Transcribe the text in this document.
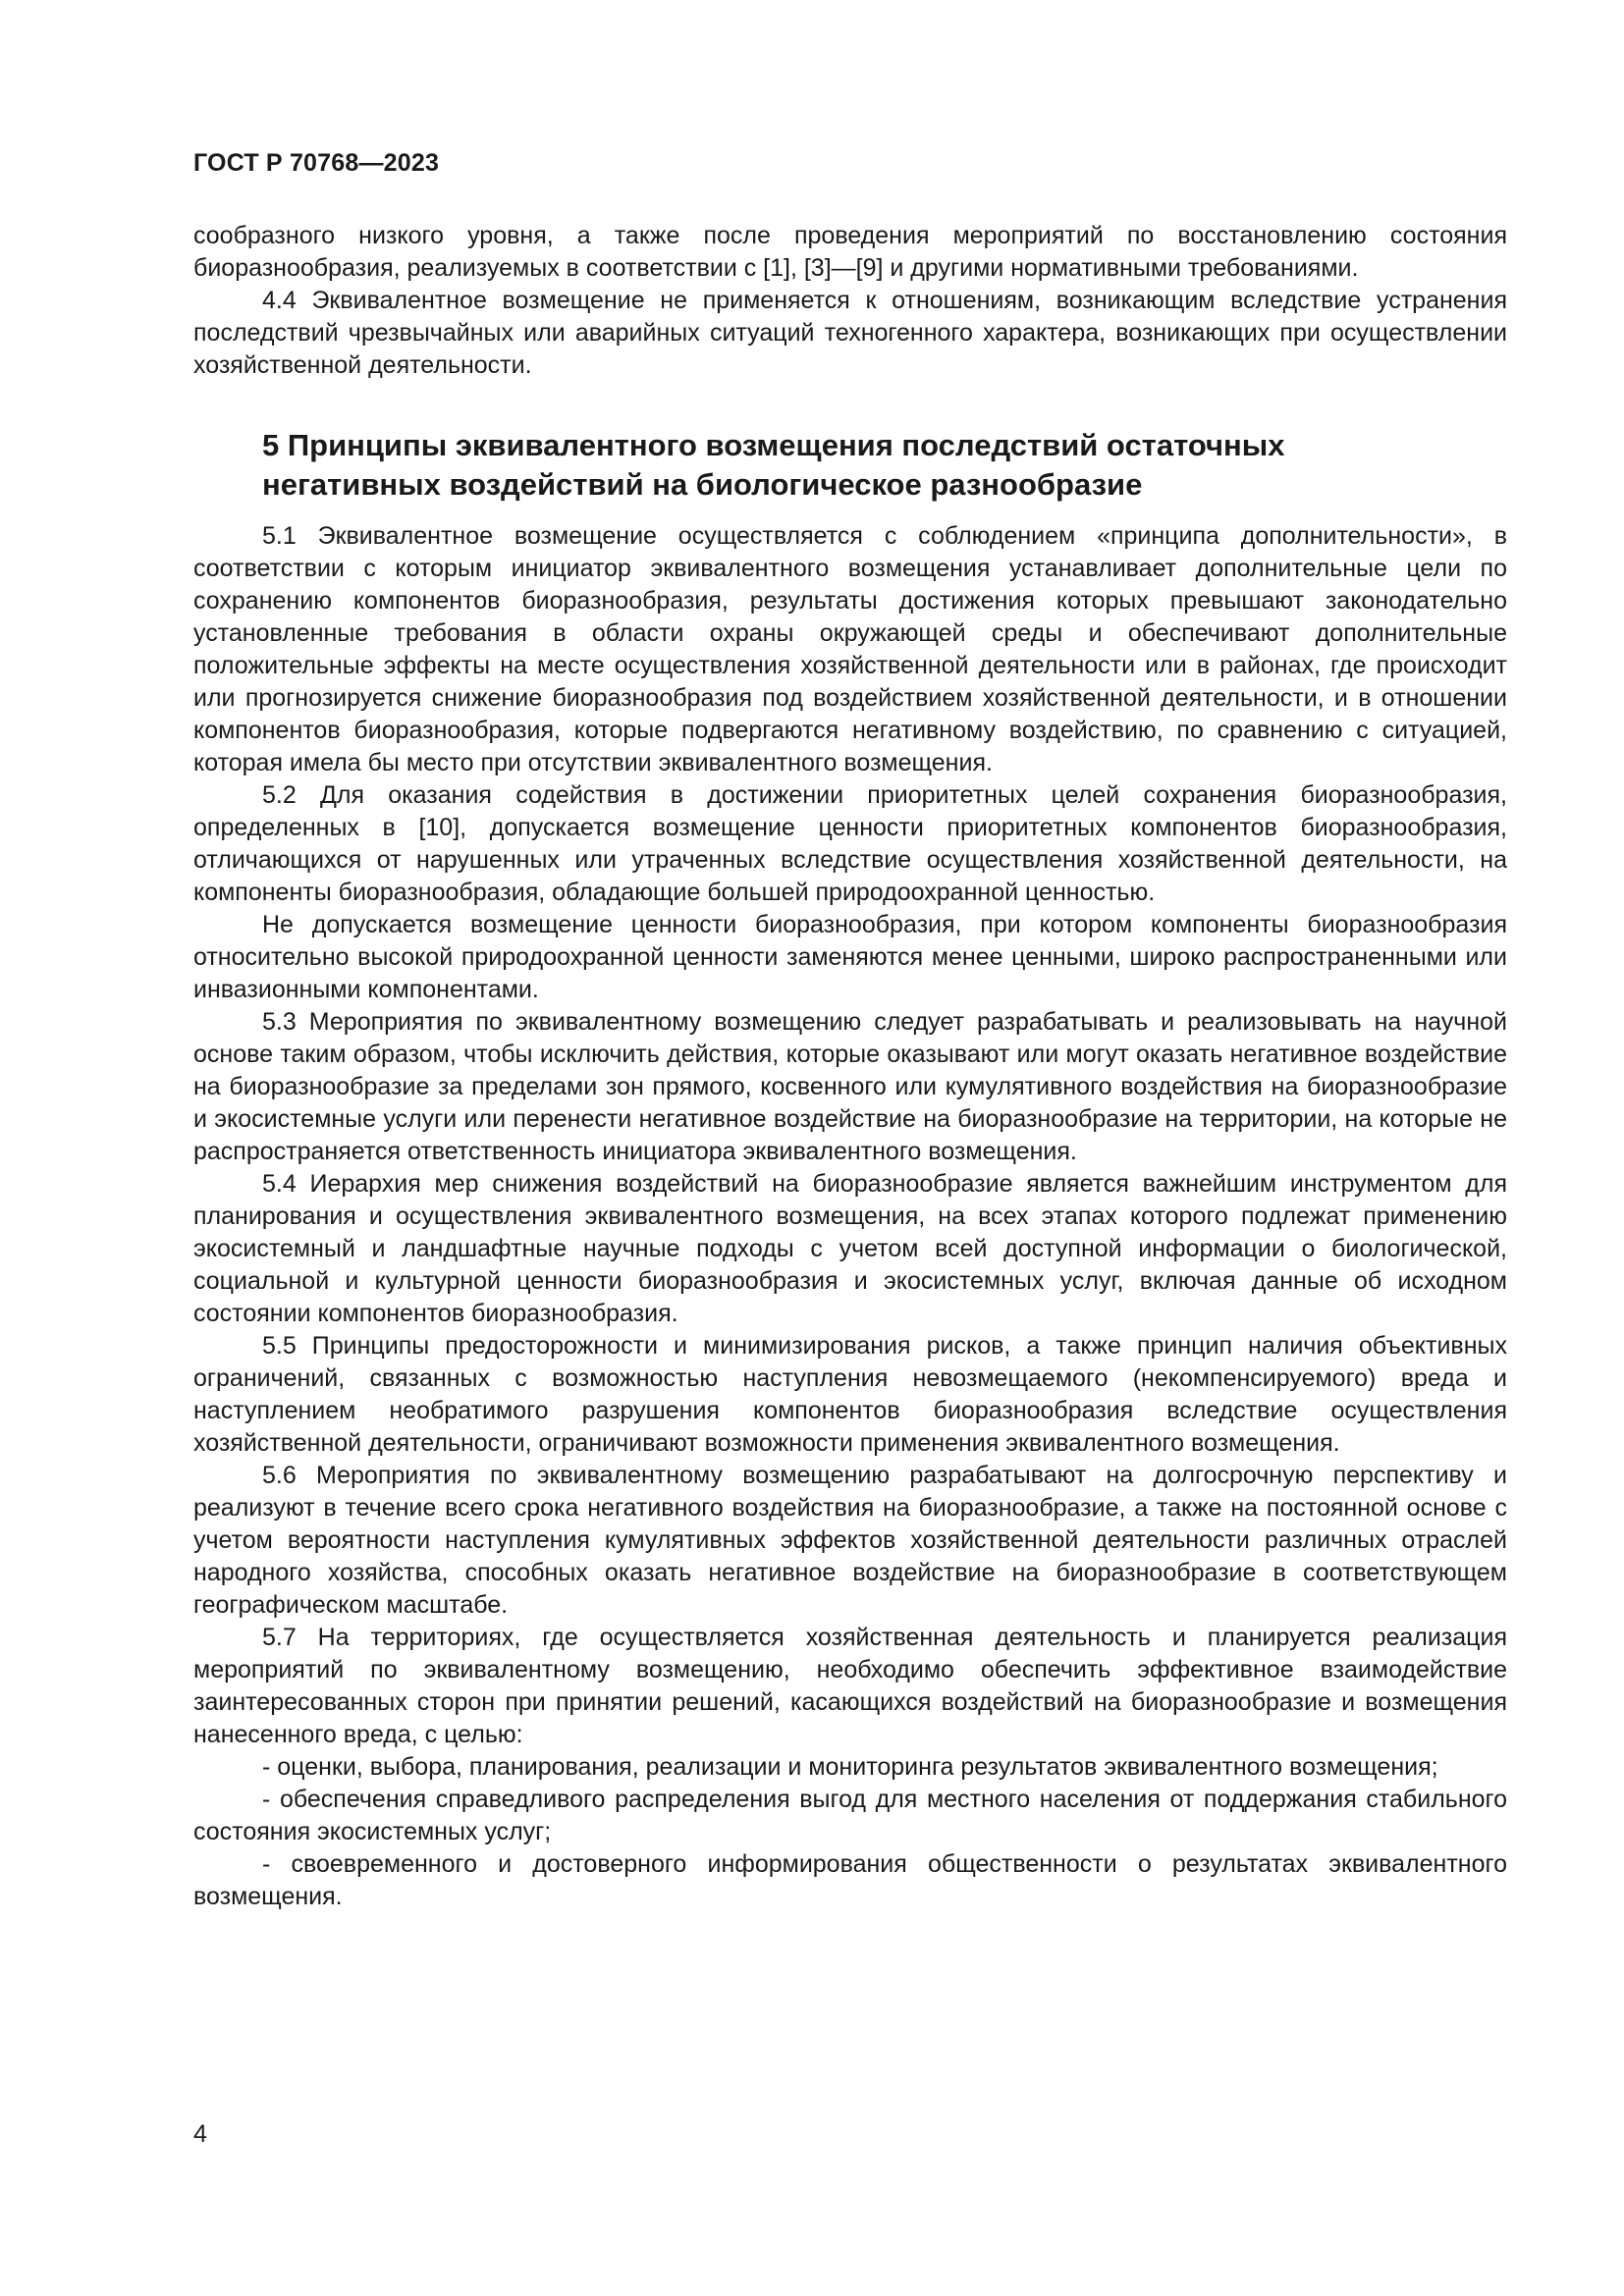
ГОСТ Р 70768—2023

сообразного низкого уровня, а также после проведения мероприятий по восстановлению состояния биоразнообразия, реализуемых в соответствии с [1], [3]—[9] и другими нормативными требованиями.

4.4 Эквивалентное возмещение не применяется к отношениям, возникающим вследствие устранения последствий чрезвычайных или аварийных ситуаций техногенного характера, возникающих при осуществлении хозяйственной деятельности.

5 Принципы эквивалентного возмещения последствий остаточных негативных воздействий на биологическое разнообразие

5.1 Эквивалентное возмещение осуществляется с соблюдением «принципа дополнительности», в соответствии с которым инициатор эквивалентного возмещения устанавливает дополнительные цели по сохранению компонентов биоразнообразия, результаты достижения которых превышают законодательно установленные требования в области охраны окружающей среды и обеспечивают дополнительные положительные эффекты на месте осуществления хозяйственной деятельности или в районах, где происходит или прогнозируется снижение биоразнообразия под воздействием хозяйственной деятельности, и в отношении компонентов биоразнообразия, которые подвергаются негативному воздействию, по сравнению с ситуацией, которая имела бы место при отсутствии эквивалентного возмещения.

5.2 Для оказания содействия в достижении приоритетных целей сохранения биоразнообразия, определенных в [10], допускается возмещение ценности приоритетных компонентов биоразнообразия, отличающихся от нарушенных или утраченных вследствие осуществления хозяйственной деятельности, на компоненты биоразнообразия, обладающие большей природоохранной ценностью.

Не допускается возмещение ценности биоразнообразия, при котором компоненты биоразнообразия относительно высокой природоохранной ценности заменяются менее ценными, широко распространенными или инвазионными компонентами.

5.3 Мероприятия по эквивалентному возмещению следует разрабатывать и реализовывать на научной основе таким образом, чтобы исключить действия, которые оказывают или могут оказать негативное воздействие на биоразнообразие за пределами зон прямого, косвенного или кумулятивного воздействия на биоразнообразие и экосистемные услуги или перенести негативное воздействие на биоразнообразие на территории, на которые не распространяется ответственность инициатора эквивалентного возмещения.

5.4 Иерархия мер снижения воздействий на биоразнообразие является важнейшим инструментом для планирования и осуществления эквивалентного возмещения, на всех этапах которого подлежат применению экосистемный и ландшафтные научные подходы с учетом всей доступной информации о биологической, социальной и культурной ценности биоразнообразия и экосистемных услуг, включая данные об исходном состоянии компонентов биоразнообразия.

5.5 Принципы предосторожности и минимизирования рисков, а также принцип наличия объективных ограничений, связанных с возможностью наступления невозмещаемого (некомпенсируемого) вреда и наступлением необратимого разрушения компонентов биоразнообразия вследствие осуществления хозяйственной деятельности, ограничивают возможности применения эквивалентного возмещения.

5.6 Мероприятия по эквивалентному возмещению разрабатывают на долгосрочную перспективу и реализуют в течение всего срока негативного воздействия на биоразнообразие, а также на постоянной основе с учетом вероятности наступления кумулятивных эффектов хозяйственной деятельности различных отраслей народного хозяйства, способных оказать негативное воздействие на биоразнообразие в соответствующем географическом масштабе.

5.7 На территориях, где осуществляется хозяйственная деятельность и планируется реализация мероприятий по эквивалентному возмещению, необходимо обеспечить эффективное взаимодействие заинтересованных сторон при принятии решений, касающихся воздействий на биоразнообразие и возмещения нанесенного вреда, с целью:

- оценки, выбора, планирования, реализации и мониторинга результатов эквивалентного возмещения;

- обеспечения справедливого распределения выгод для местного населения от поддержания стабильного состояния экосистемных услуг;

- своевременного и достоверного информирования общественности о результатах эквивалентного возмещения.

4
